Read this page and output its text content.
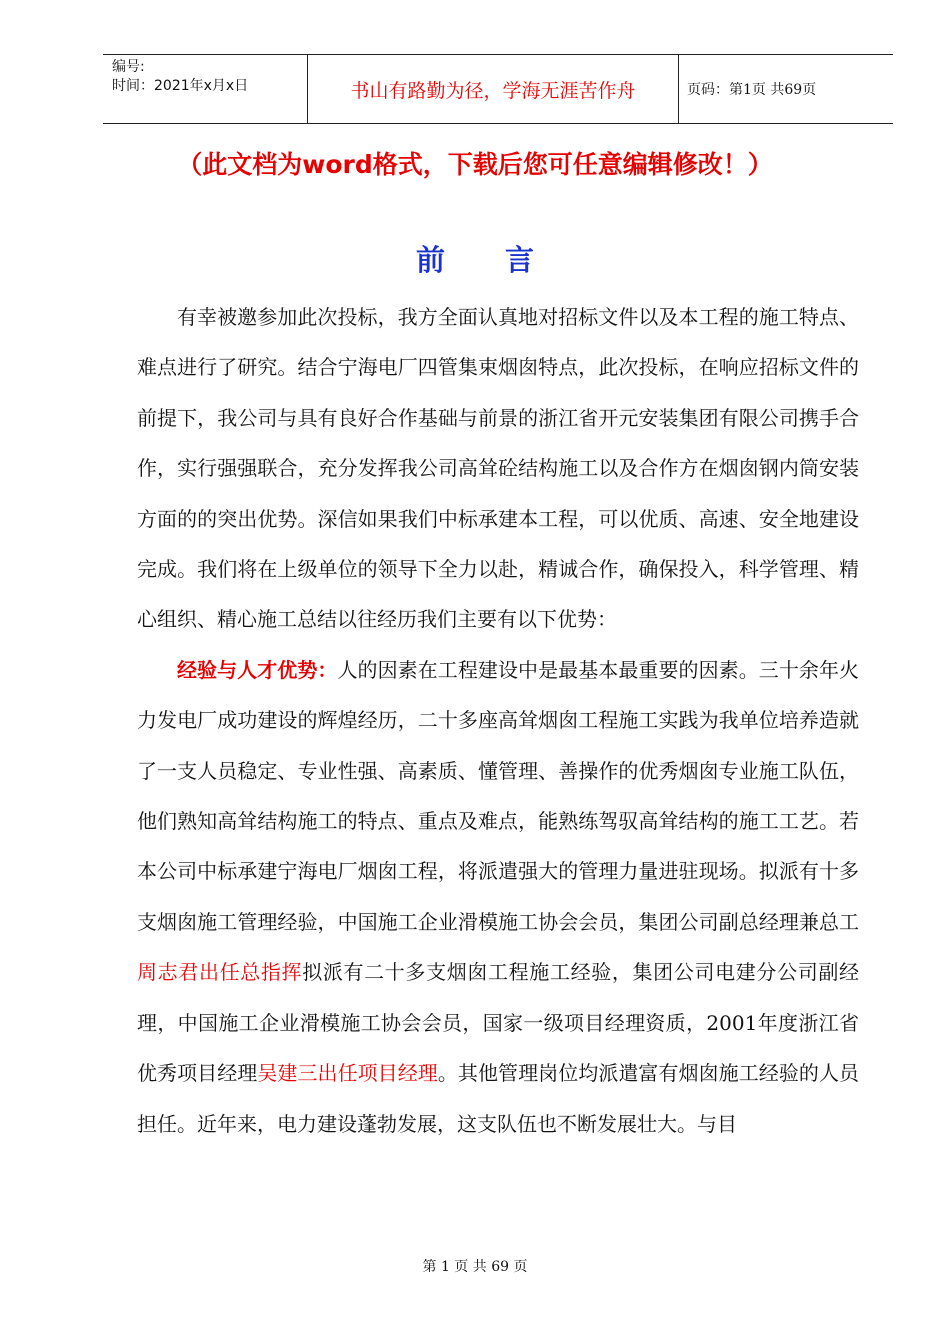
编号:
时间：2021年x月x日	书山有路勤为径，学海无涯苦作舟	页码：第1页 共69页
（此文档为word格式，下载后您可任意编辑修改！）
前言

有幸被邀参加此次投标，我方全面认真地对招标文件以及本工程的施工特点、难点进行了研究。结合宁海电厂四管集束烟囱特点，此次投标，在响应招标文件的前提下，我公司与具有良好合作基础与前景的浙江省开元安装集团有限公司携手合作，实行强强联合，充分发挥我公司高耸砼结构施工以及合作方在烟囱钢内筒安装方面的的突出优势。深信如果我们中标承建本工程，可以优质、高速、安全地建设完成。我们将在上级单位的领导下全力以赴，精诚合作，确保投入，科学管理、精心组织、精心施工总结以往经历我们主要有以下优势：

经验与人才优势：人的因素在工程建设中是最基本最重要的因素。三十余年火力发电厂成功建设的辉煌经历，二十多座高耸烟囱工程施工实践为我单位培养造就了一支人员稳定、专业性强、高素质、懂管理、善操作的优秀烟囱专业施工队伍，他们熟知高耸结构施工的特点、重点及难点，能熟练驾驭高耸结构的施工工艺。若本公司中标承建宁海电厂烟囱工程，将派遣强大的管理力量进驻现场。拟派有十多支烟囱施工管理经验，中国施工企业滑模施工协会会员，集团公司副总经理兼总工周志君出任总指挥拟派有二十多支烟囱工程施工经验，集团公司电建分公司副经理，中国施工企业滑模施工协会会员，国家一级项目经理资质，2001年度浙江省优秀项目经理吴建三出任项目经理。其他管理岗位均派遣富有烟囱施工经验的人员担任。近年来，电力建设蓬勃发展，这支队伍也不断发展壮大。与目

第 1 页 共 69 页
